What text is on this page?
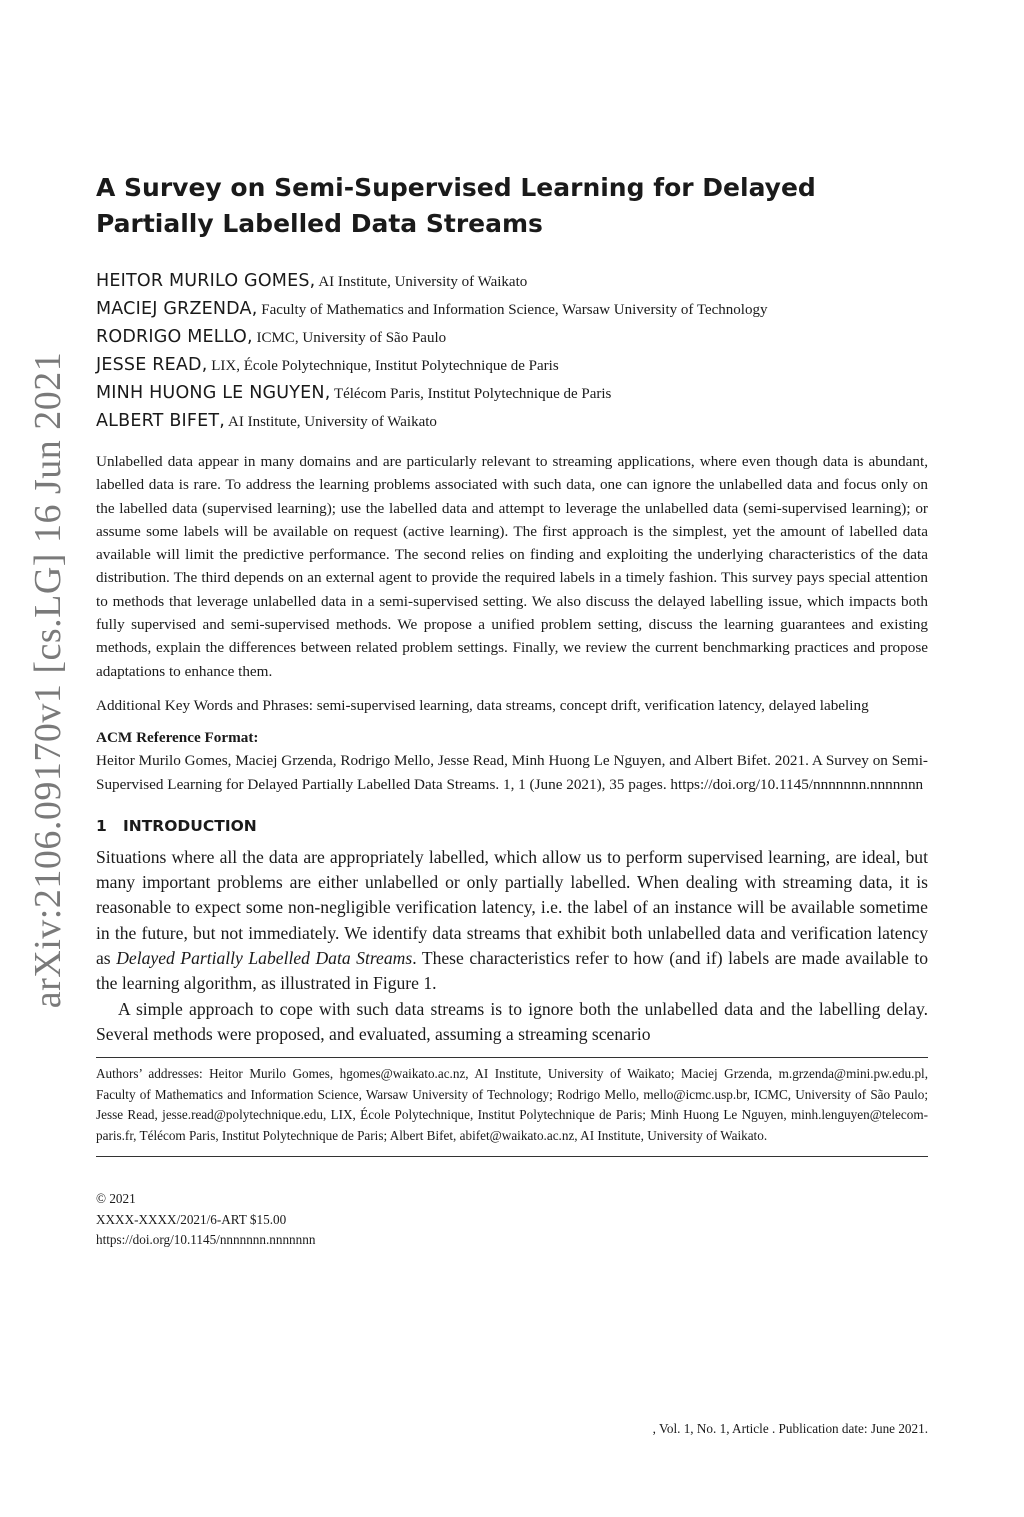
arXiv:2106.09170v1 [cs.LG] 16 Jun 2021
A Survey on Semi-Supervised Learning for Delayed Partially Labelled Data Streams
HEITOR MURILO GOMES, AI Institute, University of Waikato
MACIEJ GRZENDA, Faculty of Mathematics and Information Science, Warsaw University of Technology
RODRIGO MELLO, ICMC, University of São Paulo
JESSE READ, LIX, École Polytechnique, Institut Polytechnique de Paris
MINH HUONG LE NGUYEN, Télécom Paris, Institut Polytechnique de Paris
ALBERT BIFET, AI Institute, University of Waikato

Unlabelled data appear in many domains and are particularly relevant to streaming applications, where even though data is abundant, labelled data is rare. To address the learning problems associated with such data, one can ignore the unlabelled data and focus only on the labelled data (supervised learning); use the labelled data and attempt to leverage the unlabelled data (semi-supervised learning); or assume some labels will be available on request (active learning). The first approach is the simplest, yet the amount of labelled data available will limit the predictive performance. The second relies on finding and exploiting the underlying characteristics of the data distribution. The third depends on an external agent to provide the required labels in a timely fashion. This survey pays special attention to methods that leverage unlabelled data in a semi-supervised setting. We also discuss the delayed labelling issue, which impacts both fully supervised and semi-supervised methods. We propose a unified problem setting, discuss the learning guarantees and existing methods, explain the differences between related problem settings. Finally, we review the current benchmarking practices and propose adaptations to enhance them.

Additional Key Words and Phrases: semi-supervised learning, data streams, concept drift, verification latency, delayed labeling

ACM Reference Format:

Heitor Murilo Gomes, Maciej Grzenda, Rodrigo Mello, Jesse Read, Minh Huong Le Nguyen, and Albert Bifet. 2021. A Survey on Semi-Supervised Learning for Delayed Partially Labelled Data Streams. 1, 1 (June 2021), 35 pages. https://doi.org/10.1145/nnnnnnn.nnnnnnn

1 INTRODUCTION

Situations where all the data are appropriately labelled, which allow us to perform supervised learning, are ideal, but many important problems are either unlabelled or only partially labelled. When dealing with streaming data, it is reasonable to expect some non-negligible verification latency, i.e. the label of an instance will be available sometime in the future, but not immediately. We identify data streams that exhibit both unlabelled data and verification latency as Delayed Partially Labelled Data Streams. These characteristics refer to how (and if) labels are made available to the learning algorithm, as illustrated in Figure 1.

A simple approach to cope with such data streams is to ignore both the unlabelled data and the labelling delay. Several methods were proposed, and evaluated, assuming a streaming scenario

Authors’ addresses: Heitor Murilo Gomes, hgomes@waikato.ac.nz, AI Institute, University of Waikato; Maciej Grzenda, m.grzenda@mini.pw.edu.pl, Faculty of Mathematics and Information Science, Warsaw University of Technology; Rodrigo Mello, mello@icmc.usp.br, ICMC, University of São Paulo; Jesse Read, jesse.read@polytechnique.edu, LIX, École Polytechnique, Institut Polytechnique de Paris; Minh Huong Le Nguyen, minh.lenguyen@telecom-paris.fr, Télécom Paris, Institut Polytechnique de Paris; Albert Bifet, abifet@waikato.ac.nz, AI Institute, University of Waikato.

© 2021
XXXX-XXXX/2021/6-ART $15.00
https://doi.org/10.1145/nnnnnnn.nnnnnnn
, Vol. 1, No. 1, Article . Publication date: June 2021.
